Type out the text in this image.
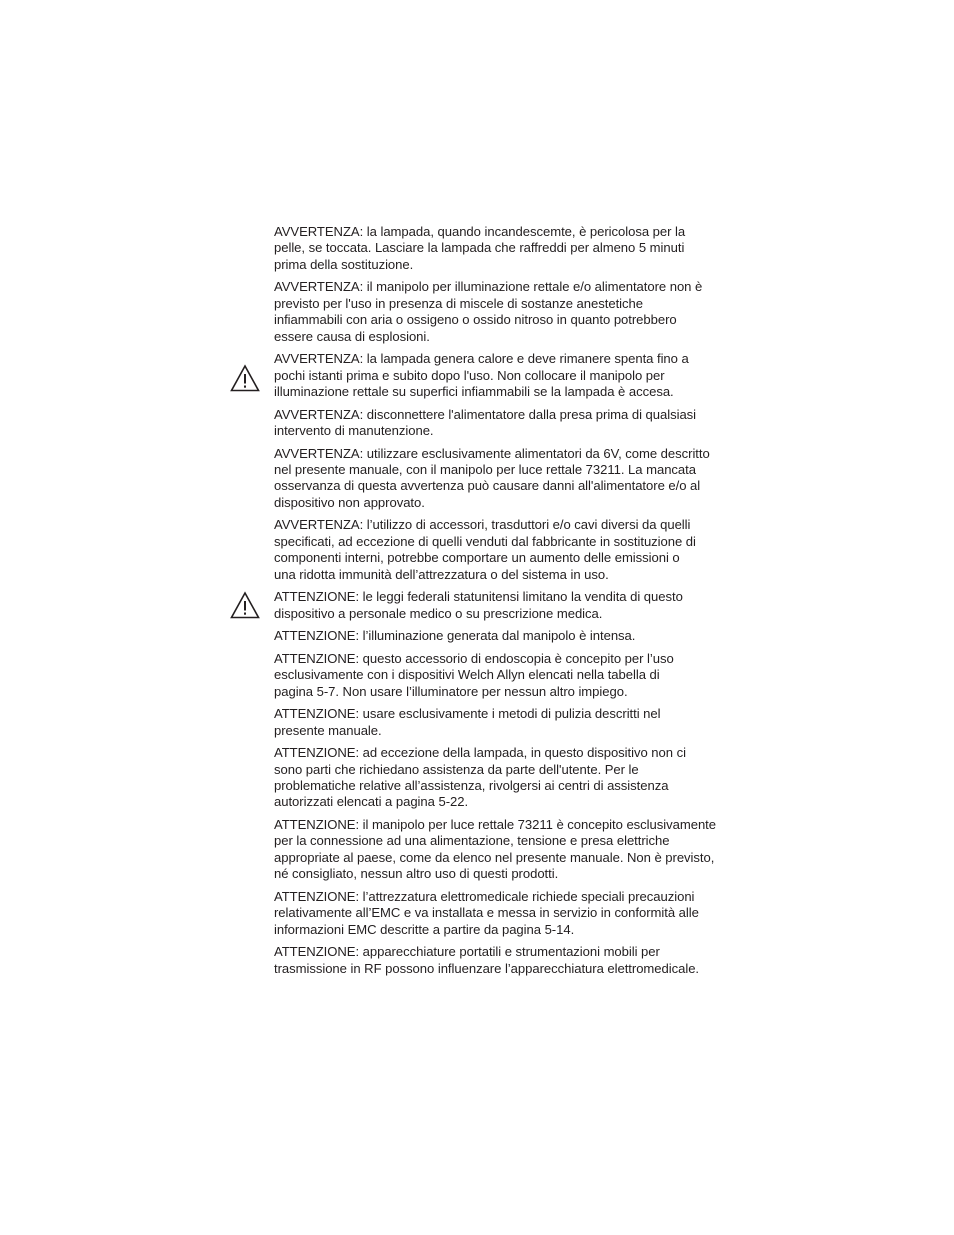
AVVERTENZA: la lampada, quando incandescemte, è pericolosa per la
pelle, se toccata. Lasciare la lampada che raffreddi per almeno 5 minuti
prima della sostituzione.

AVVERTENZA: il manipolo per illuminazione rettale e/o alimentatore non è
previsto per l'uso in presenza di miscele di sostanze anestetiche
infiammabili con aria o ossigeno o ossido nitroso in quanto potrebbero
essere causa di esplosioni.

AVVERTENZA: la lampada genera calore e deve rimanere spenta fino a
pochi istanti prima e subito dopo l'uso. Non collocare il manipolo per
illuminazione rettale su superfici infiammabili se la lampada è accesa.

AVVERTENZA: disconnettere l'alimentatore dalla presa prima di qualsiasi
intervento di manutenzione.

AVVERTENZA: utilizzare esclusivamente alimentatori da 6V, come descritto
nel presente manuale, con il manipolo per luce rettale 73211. La mancata
osservanza di questa avvertenza può causare danni all'alimentatore e/o al
dispositivo non approvato.

AVVERTENZA: l’utilizzo di accessori, trasduttori e/o cavi diversi da quelli
specificati, ad eccezione di quelli venduti dal fabbricante in sostituzione di
componenti interni, potrebbe comportare un aumento delle emissioni o
una ridotta immunità dell’attrezzatura o del sistema in uso.

ATTENZIONE: le leggi federali statunitensi limitano la vendita di questo
dispositivo a personale medico o su prescrizione medica.

ATTENZIONE: l’illuminazione generata dal manipolo è intensa.

ATTENZIONE: questo accessorio di endoscopia è concepito per l’uso
esclusivamente con i dispositivi Welch Allyn elencati nella tabella di
pagina 5-7. Non usare l’illuminatore per nessun altro impiego.

ATTENZIONE: usare esclusivamente i metodi di pulizia descritti nel
presente manuale.

ATTENZIONE: ad eccezione della lampada, in questo dispositivo non ci
sono parti che richiedano assistenza da parte dell'utente. Per le
problematiche relative all’assistenza, rivolgersi ai centri di assistenza
autorizzati elencati a pagina 5-22.

ATTENZIONE: il manipolo per luce rettale 73211 è concepito esclusivamente
per la connessione ad una alimentazione, tensione e presa elettriche
appropriate al paese, come da elenco nel presente manuale. Non è previsto,
né consigliato, nessun altro uso di questi prodotti.

ATTENZIONE: l’attrezzatura elettromedicale richiede speciali precauzioni
relativamente all’EMC e va installata e messa in servizio in conformità alle
informazioni EMC descritte a partire da pagina 5-14.

ATTENZIONE: apparecchiature portatili e strumentazioni mobili per
trasmissione in RF possono influenzare l’apparecchiatura elettromedicale.
